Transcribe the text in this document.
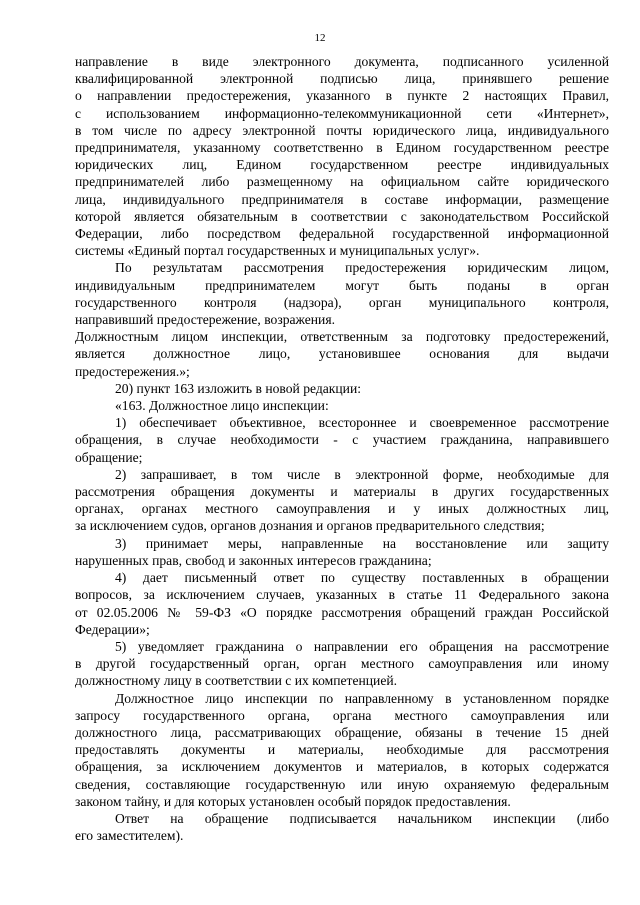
12
направление в виде электронного документа, подписанного усиленной
квалифицированной электронной подписью лица, принявшего решение
о направлении предостережения, указанного в пункте 2 настоящих Правил,
с использованием информационно-телекоммуникационной сети «Интернет»,
в том числе по адресу электронной почты юридического лица, индивидуального
предпринимателя, указанному соответственно в Едином государственном реестре
юридических лиц, Едином государственном реестре индивидуальных
предпринимателей либо размещенному на официальном сайте юридического
лица, индивидуального предпринимателя в составе информации, размещение
которой является обязательным в соответствии с законодательством Российской
Федерации, либо посредством федеральной государственной информационной
системы «Единый портал государственных и муниципальных услуг».
По результатам рассмотрения предостережения юридическим лицом,
индивидуальным предпринимателем могут быть поданы в орган
государственного контроля (надзора), орган муниципального контроля,
направивший предостережение, возражения.
Должностным лицом инспекции, ответственным за подготовку предостережений,
является должностное лицо, установившее основания для выдачи
предостережения.»;
20) пункт 163 изложить в новой редакции:
«163. Должностное лицо инспекции:
1) обеспечивает объективное, всестороннее и своевременное рассмотрение
обращения, в случае необходимости - с участием гражданина, направившего
обращение;
2) запрашивает, в том числе в электронной форме, необходимые для
рассмотрения обращения документы и материалы в других государственных
органах, органах местного самоуправления и у иных должностных лиц,
за исключением судов, органов дознания и органов предварительного следствия;
3) принимает меры, направленные на восстановление или защиту
нарушенных прав, свобод и законных интересов гражданина;
4) дает письменный ответ по существу поставленных в обращении
вопросов, за исключением случаев, указанных в статье 11 Федерального закона
от 02.05.2006 № 59-ФЗ «О порядке рассмотрения обращений граждан Российской
Федерации»;
5) уведомляет гражданина о направлении его обращения на рассмотрение
в другой государственный орган, орган местного самоуправления или иному
должностному лицу в соответствии с их компетенцией.
Должностное лицо инспекции по направленному в установленном порядке
запросу государственного органа, органа местного самоуправления или
должностного лица, рассматривающих обращение, обязаны в течение 15 дней
предоставлять документы и материалы, необходимые для рассмотрения
обращения, за исключением документов и материалов, в которых содержатся
сведения, составляющие государственную или иную охраняемую федеральным
законом тайну, и для которых установлен особый порядок предоставления.
Ответ на обращение подписывается начальником инспекции (либо
его заместителем).
